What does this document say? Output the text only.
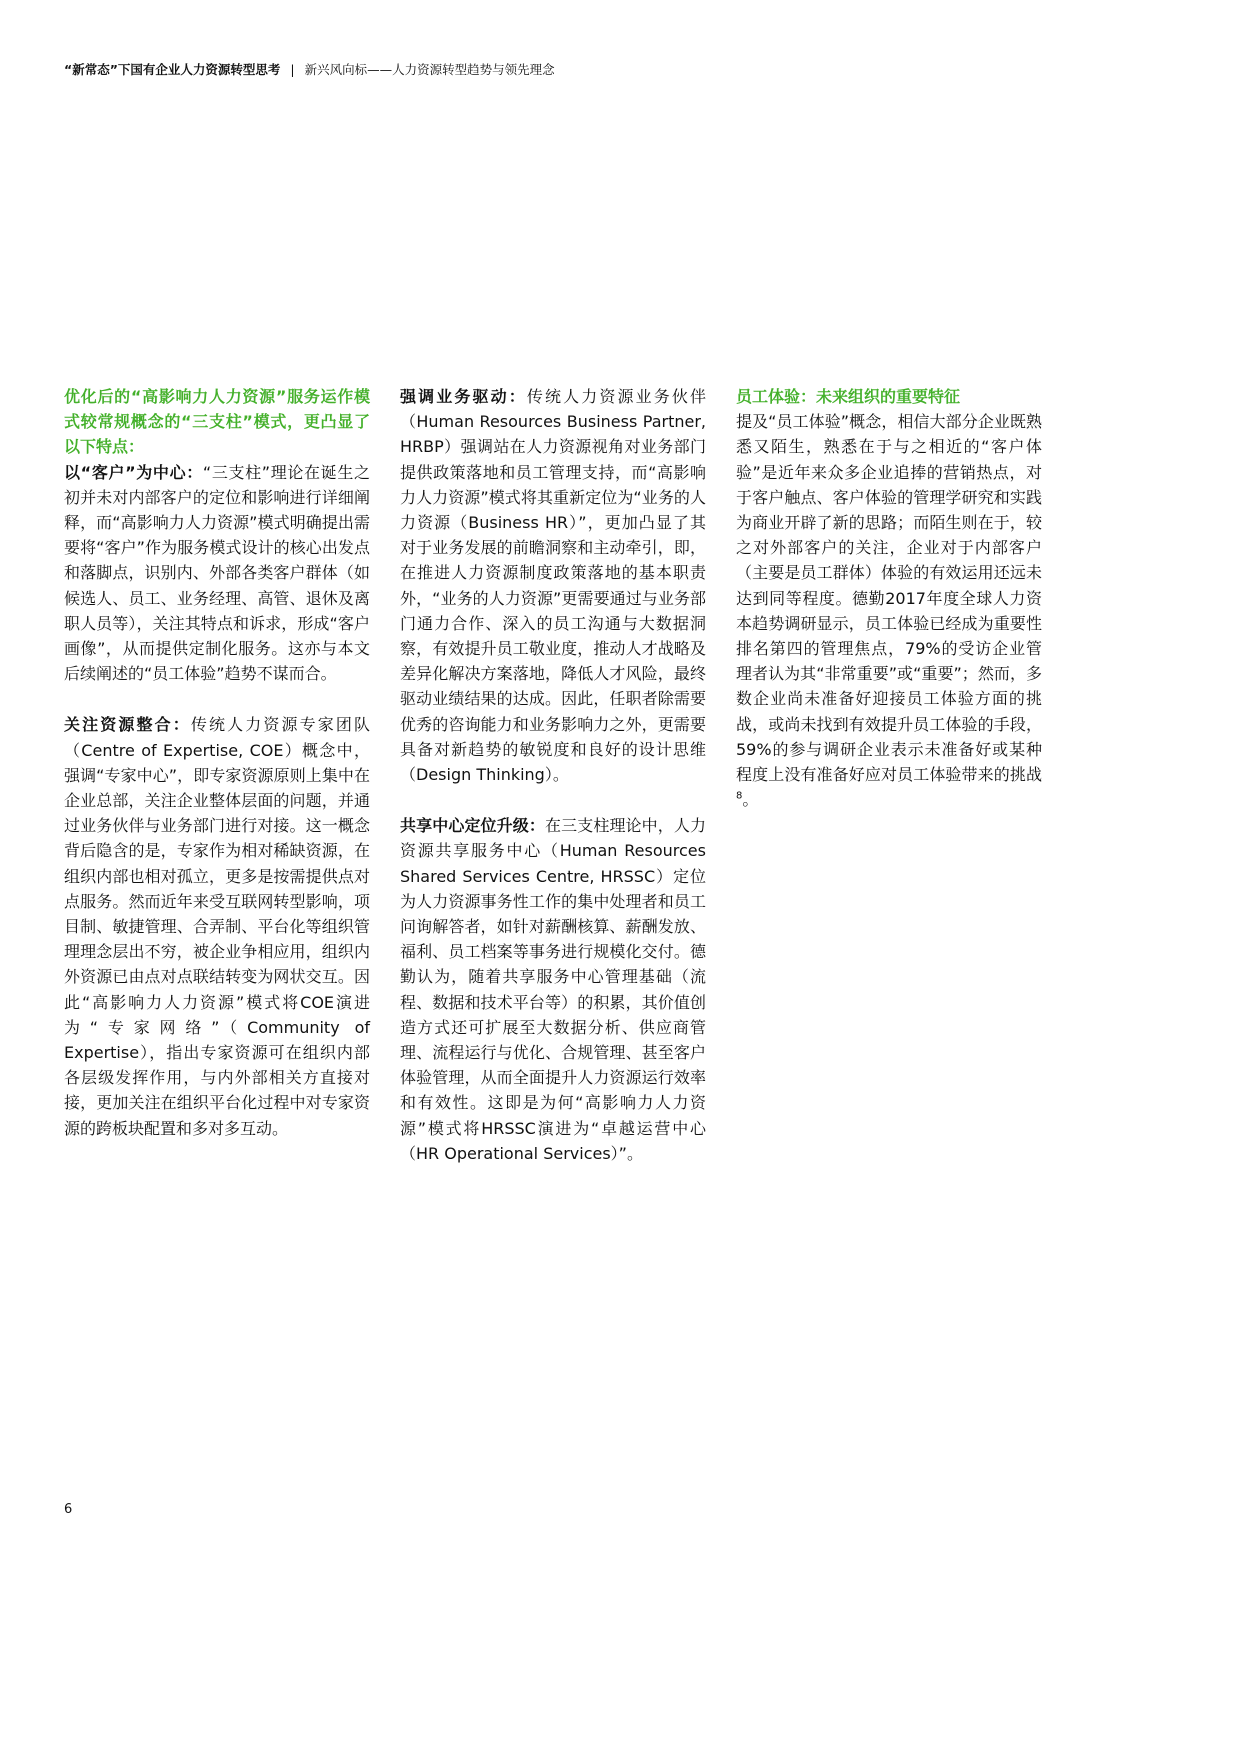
“新常态”下国有企业人力资源转型思考 | 新兴风向标——人力资源转型趋势与领先理念

优化后的“高影响力人力资源”服务运作模式较常规概念的“三支柱”模式，更凸显了以下特点：

以“客户”为中心：“三支柱”理论在诞生之初并未对内部客户的定位和影响进行详细阐释，而“高影响力人力资源”模式明确提出需要将“客户”作为服务模式设计的核心出发点和落脚点，识别内、外部各类客户群体（如候选人、员工、业务经理、高管、退休及离职人员等），关注其特点和诉求，形成“客户画像”，从而提供定制化服务。这亦与本文后续阐述的“员工体验”趋势不谋而合。

关注资源整合：传统人力资源专家团队（Centre of Expertise, COE）概念中，强调“专家中心”，即专家资源原则上集中在企业总部，关注企业整体层面的问题，并通过业务伙伴与业务部门进行对接。这一概念背后隐含的是，专家作为相对稀缺资源，在组织内部也相对孤立，更多是按需提供点对点服务。然而近年来受互联网转型影响，项目制、敏捷管理、合弄制、平台化等组织管理理念层出不穷，被企业争相应用，组织内外资源已由点对点联结转变为网状交互。因此“高影响力人力资源”模式将COE演进为“专家网络”（Community of Expertise），指出专家资源可在组织内部各层级发挥作用，与内外部相关方直接对接，更加关注在组织平台化过程中对专家资源的跨板块配置和多对多互动。

强调业务驱动：传统人力资源业务伙伴（Human Resources Business Partner, HRBP）强调站在人力资源视角对业务部门提供政策落地和员工管理支持，而“高影响力人力资源”模式将其重新定位为“业务的人力资源（Business HR）”，更加凸显了其对于业务发展的前瞻洞察和主动牵引，即，在推进人力资源制度政策落地的基本职责外，“业务的人力资源”更需要通过与业务部门通力合作、深入的员工沟通与大数据洞察，有效提升员工敬业度，推动人才战略及差异化解决方案落地，降低人才风险，最终驱动业绩结果的达成。因此，任职者除需要优秀的咨询能力和业务影响力之外，更需要具备对新趋势的敏锐度和良好的设计思维（Design Thinking）。

共享中心定位升级：在三支柱理论中，人力资源共享服务中心（Human Resources Shared Services Centre, HRSSC）定位为人力资源事务性工作的集中处理者和员工问询解答者，如针对薪酬核算、薪酬发放、福利、员工档案等事务进行规模化交付。德勤认为，随着共享服务中心管理基础（流程、数据和技术平台等）的积累，其价值创造方式还可扩展至大数据分析、供应商管理、流程运行与优化、合规管理、甚至客户体验管理，从而全面提升人力资源运行效率和有效性。这即是为何“高影响力人力资源”模式将HRSSC演进为“卓越运营中心（HR Operational Services）”。

员工体验：未来组织的重要特征

提及“员工体验”概念，相信大部分企业既熟悉又陌生，熟悉在于与之相近的“客户体验”是近年来众多企业追捧的营销热点，对于客户触点、客户体验的管理学研究和实践为商业开辟了新的思路；而陌生则在于，较之对外部客户的关注，企业对于内部客户（主要是员工群体）体验的有效运用还远未达到同等程度。德勤2017年度全球人力资本趋势调研显示，员工体验已经成为重要性排名第四的管理焦点，79%的受访企业管理者认为其“非常重要”或“重要”；然而，多数企业尚未准备好迎接员工体验方面的挑战，或尚未找到有效提升员工体验的手段，59%的参与调研企业表示未准备好或某种程度上没有准备好应对员工体验带来的挑战$^8$。

6
